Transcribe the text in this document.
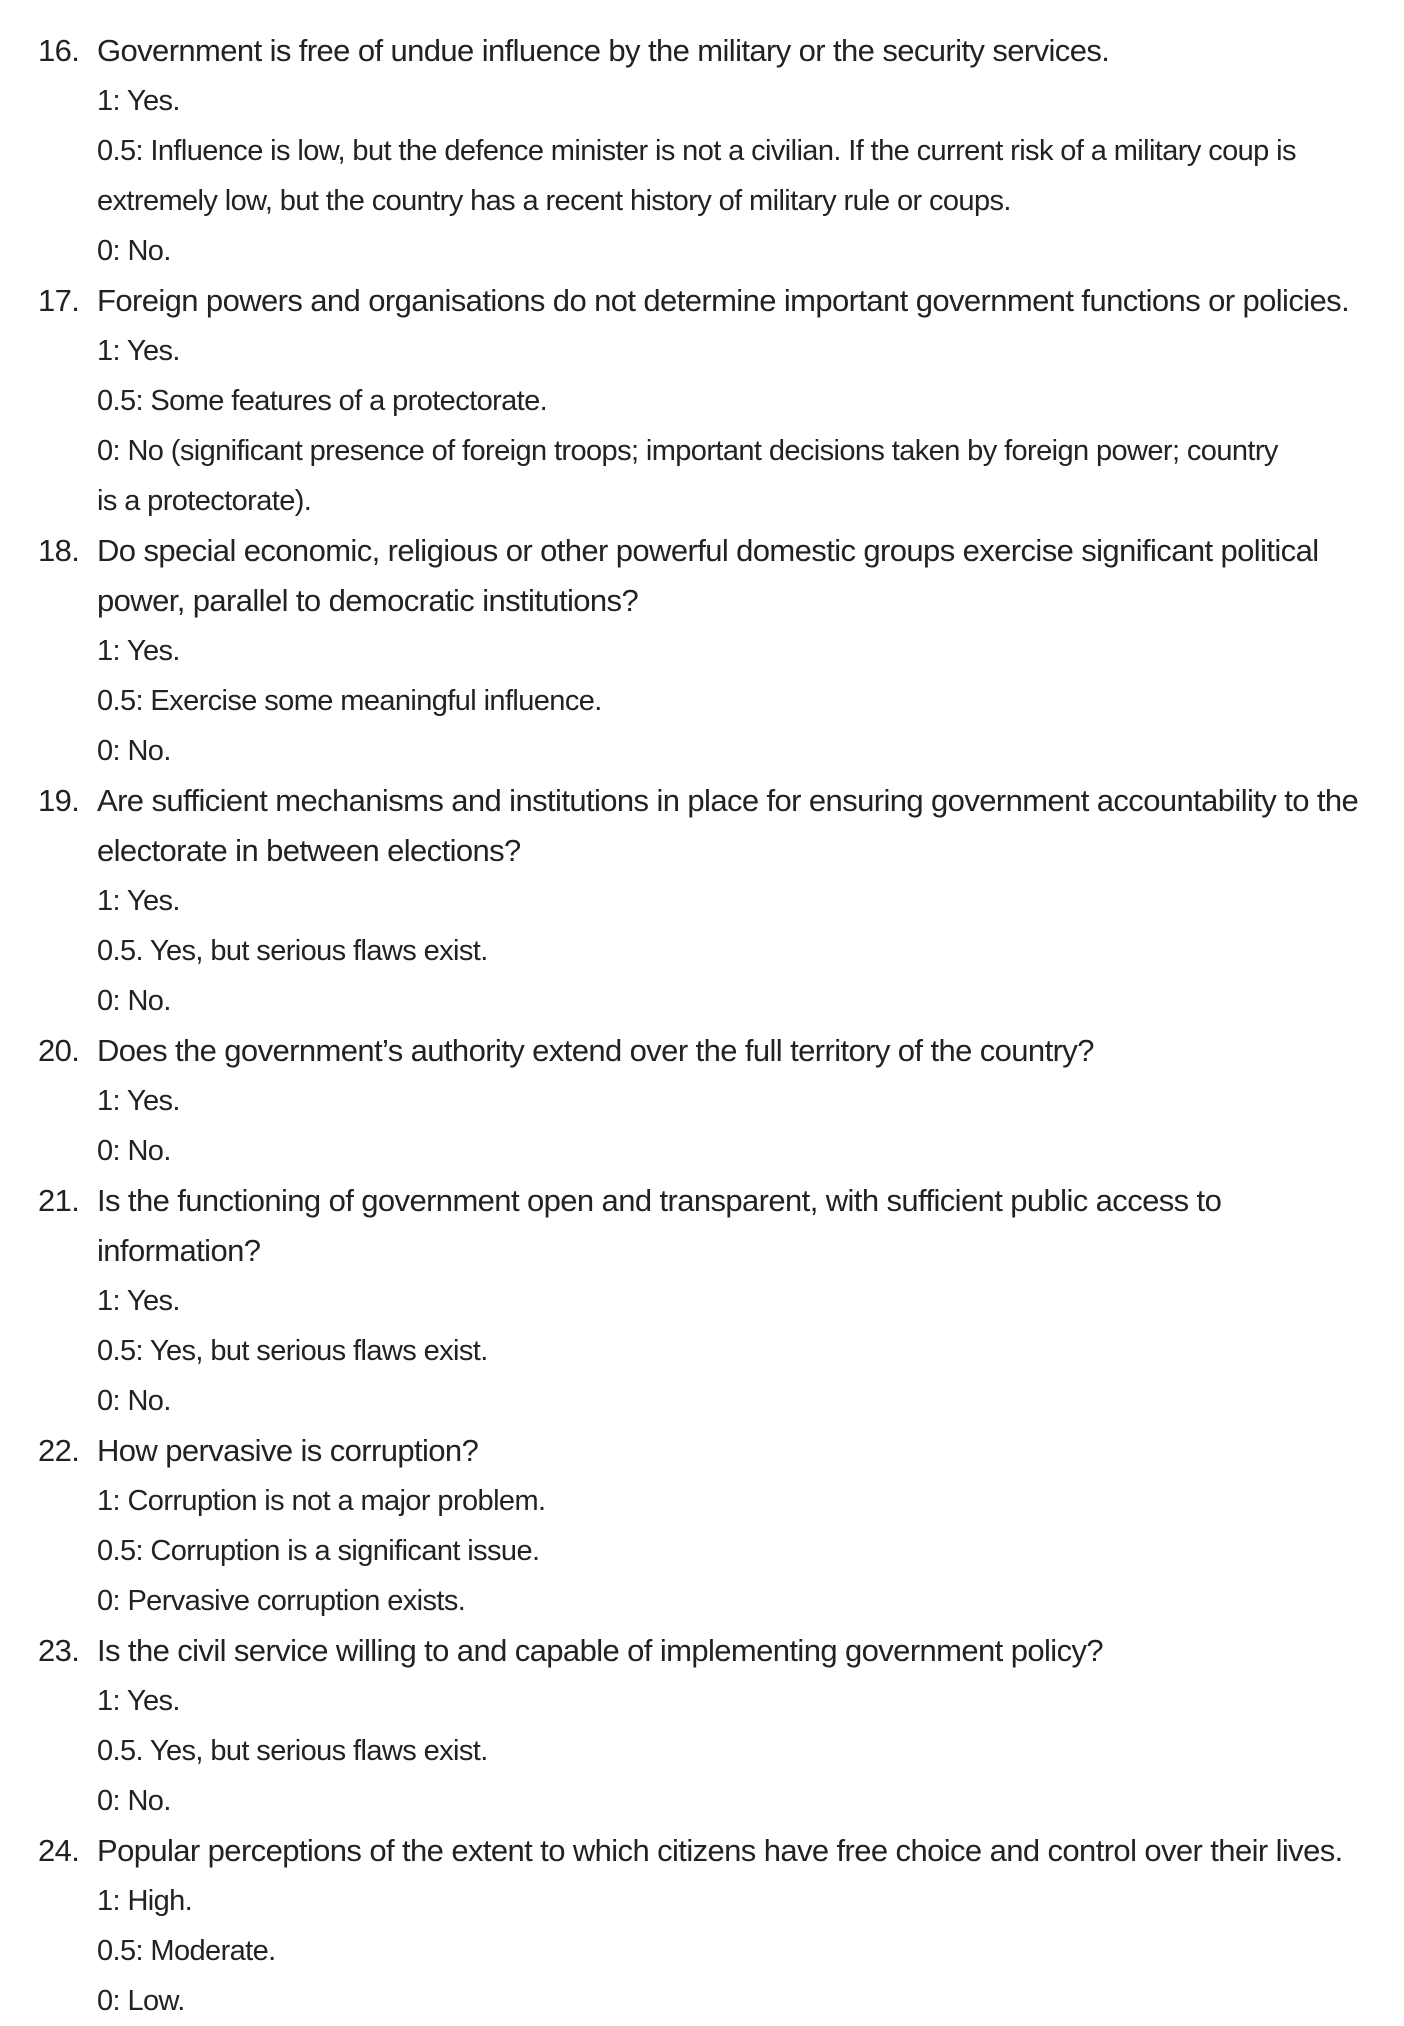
16. Government is free of undue influence by the military or the security services.
1: Yes.
0.5: Influence is low, but the defence minister is not a civilian. If the current risk of a military coup is
extremely low, but the country has a recent history of military rule or coups.
0: No.
17. Foreign powers and organisations do not determine important government functions or policies.
1: Yes.
0.5: Some features of a protectorate.
0: No (significant presence of foreign troops; important decisions taken by foreign power; country
is a protectorate).
18. Do special economic, religious or other powerful domestic groups exercise significant political
power, parallel to democratic institutions?
1: Yes.
0.5: Exercise some meaningful influence.
0: No.
19. Are sufficient mechanisms and institutions in place for ensuring government accountability to the
electorate in between elections?
1: Yes.
0.5. Yes, but serious flaws exist.
0: No.
20. Does the government’s authority extend over the full territory of the country?
1: Yes.
0: No.
21. Is the functioning of government open and transparent, with sufficient public access to
information?
1: Yes.
0.5: Yes, but serious flaws exist.
0: No.
22. How pervasive is corruption?
1: Corruption is not a major problem.
0.5: Corruption is a significant issue.
0: Pervasive corruption exists.
23. Is the civil service willing to and capable of implementing government policy?
1: Yes.
0.5. Yes, but serious flaws exist.
0: No.
24. Popular perceptions of the extent to which citizens have free choice and control over their lives.
1: High.
0.5: Moderate.
0: Low.
